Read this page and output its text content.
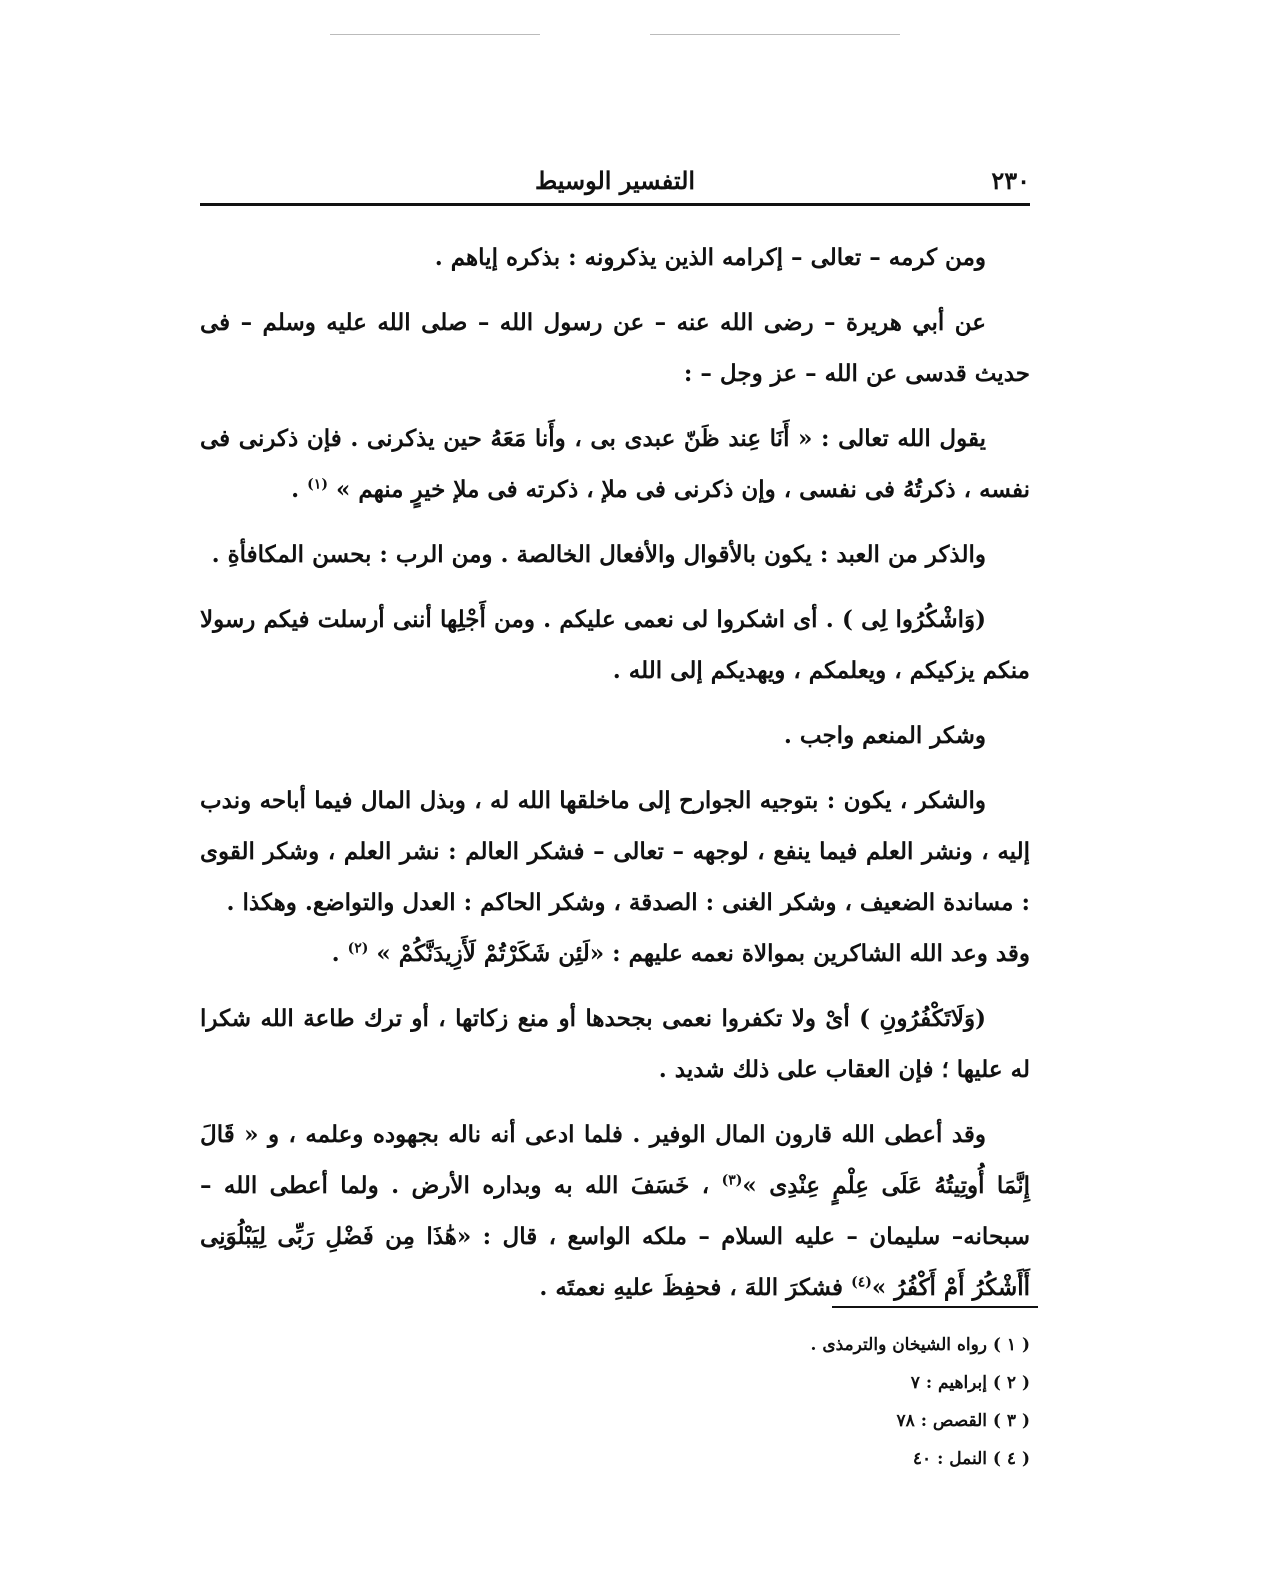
٢٣٠
التفسير الوسيط

ومن كرمه – تعالى – إكرامه الذين يذكرونه : بذكره إياهم .

عن أبي هريرة – رضى الله عنه – عن رسول الله – صلى الله عليه وسلم – فى حديث قدسى عن الله – عز وجل – :

يقول الله تعالى : « أَنَا عِند ظَنّ عبدى بى ، وأَنا مَعَهُ حين يذكرنى . فإن ذكرنى فى نفسه ، ذكرتُهُ فى نفسى ، وإن ذكرنى فى ملإ ، ذكرته فى ملإ خيرٍ منهم » $^{(١)}$ .

والذكر من العبد : يكون بالأقوال والأفعال الخالصة . ومن الرب : بحسن المكافأةِ .

(وَاشْكُرُوا لِى ) . أى اشكروا لى نعمى عليكم . ومن أَجْلِها أننى أرسلت فيكم رسولا منكم يزكيكم ، ويعلمكم ، ويهديكم إلى الله .

وشكر المنعم واجب .

والشكر ، يكون : بتوجيه الجوارح إلى ماخلقها الله له ، وبذل المال فيما أباحه وندب إليه ، ونشر العلم فيما ينفع ، لوجهه – تعالى – فشكر العالم : نشر العلم ، وشكر القوى : مساندة الضعيف ، وشكر الغنى : الصدقة ، وشكر الحاكم : العدل والتواضع. وهكذا .

وقد وعد الله الشاكرين بموالاة نعمه عليهم : «لَئِن شَكَرْتُمْ لَأَزِيدَنَّكُمْ » $^{(٢)}$ .

(وَلَاتَكْفُرُونِ ) أىْ ولا تكفروا نعمى بجحدها أو منع زكاتها ، أو ترك طاعة الله شكرا له عليها ؛ فإن العقاب على ذلك شديد .

وقد أعطى الله قارون المال الوفير . فلما ادعى أنه ناله بجهوده وعلمه ، و « قَالَ إِنَّمَا أُوتِيتُهُ عَلَى عِلْمٍ عِنْدِى »$^{(٣)}$ ، خَسَفَ الله به وبداره الأرض . ولما أعطى الله – سبحانه– سليمان – عليه السلام – ملكه الواسع ، قال : «هَٰذَا مِن فَضْلِ رَبِّى لِيَبْلُوَنِى أَأَشْكُرُ أَمْ أَكْفُرُ »$^{(٤)}$ فشكرَ اللهَ ، فحفِظَ عليهِ نعمتَه .

( ١ ) رواه الشيخان والترمذى .
( ٢ ) إبراهيم : ٧
( ٣ ) القصص : ٧٨
( ٤ ) النمل : ٤٠
